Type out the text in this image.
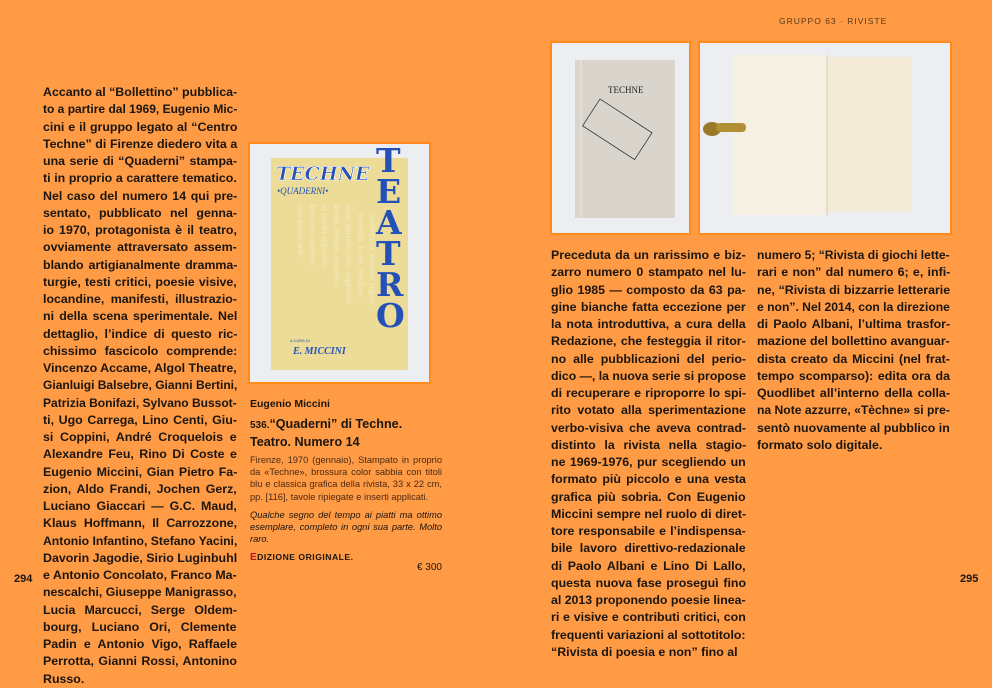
GRUPPO 63 · RIVISTE
Accanto al “Bollettino” pubblica-
to a partire dal 1969, Eugenio Mic-
cini e il gruppo legato al “Centro
Techne” di Firenze diedero vita a
una serie di “Quaderni” stampa-
ti in proprio a carattere tematico.
Nel caso del numero 14 qui pre-
sentato, pubblicato nel genna-
io 1970, protagonista è il teatro,
ovviamente attraversato assem-
blando artigianalmente dramma-
turgie, testi critici, poesie visive,
locandine, manifesti, illustrazio-
ni della scena sperimentale. Nel
dettaglio, l’indice di questo ric-
chissimo fascicolo comprende:
Vincenzo Accame, Algol Theatre,
Gianluigi Balsebre, Gianni Bertini,
Patrizia Bonifazi, Sylvano Bussot-
ti, Ugo Carrega, Lino Centi, Giu-
si Coppini, André Croquelois e
Alexandre Feu, Rino Di Coste e
Eugenio Miccini, Gian Pietro Fa-
zion, Aldo Frandi, Jochen Gerz,
Luciano Giaccari — G.C. Maud,
Klaus Hoffmann, Il Carrozzone,
Antonio Infantino, Stefano Yacini,
Davorin Jagodie, Sirio Luginbuhl
e Antonio Concolato, Franco Ma-
nescalchi, Giuseppe Manigrasso,
Lucia Marcucci, Serge Oldem-
bourg, Luciano Ori, Clemente
Padin e Antonio Vigo, Raffaele
Perrotta, Gianni Rossi, Antonino
Russo.
scaltrezza, astuzia, ingan-
minella, frode, artifizio
ione, apparecchio, espedien
modo, mezzo, maniera
in modo apposito
lavorato maestre-
con molta arte.
TECHNE
•QUADERNI•
T E A T R O
A CURA DI
E. MICCINI
Eugenio Miccini
536.“Quaderni” di Techne.
Teatro. Numero 14
Firenze, 1970 (gennaio), Stampato in proprio da «Techne», brossura color sabbia con titoli blu e classica grafica della rivista, 33 x 22 cm, pp. [116], tavole ripiegate e inserti applicati.
Qualche segno del tempo ai piatti ma ottimo esemplare, completo in ogni sua parte. Molto raro.
EDIZIONE ORIGINALE.
€ 300
294	295
TECHNE
Preceduta da un rarissimo e biz-
zarro numero 0 stampato nel lu-
glio 1985 — composto da 63 pa-
gine bianche fatta eccezione per
la nota introduttiva, a cura della
Redazione, che festeggia il ritor-
no alle pubblicazioni del perio-
dico —, la nuova serie si propose
di recuperare e riproporre lo spi-
rito votato alla sperimentazione
verbo-visiva che aveva contrad-
distinto la rivista nella stagio-
ne 1969-1976, pur scegliendo un
formato più piccolo e una vesta
grafica più sobria. Con Eugenio
Miccini sempre nel ruolo di diret-
tore responsabile e l’indispensa-
bile lavoro direttivo-redazionale
di Paolo Albani e Lino Di Lallo,
questa nuova fase proseguì fino
al 2013 proponendo poesie linea-
ri e visive e contributi critici, con
frequenti variazioni al sottotitolo:
“Rivista di poesia e non” fino al
numero 5; “Rivista di giochi lette-
rari e non” dal numero 6; e, infi-
ne, “Rivista di bizzarrie letterarie
e non”. Nel 2014, con la direzione
di Paolo Albani, l’ultima trasfor-
mazione del bollettino avanguar-
dista creato da Miccini (nel frat-
tempo scomparso): edita ora da
Quodlibet all’interno della colla-
na Note azzurre, «Tèchne» si pre-
sentò nuovamente al pubblico in
formato solo digitale.
